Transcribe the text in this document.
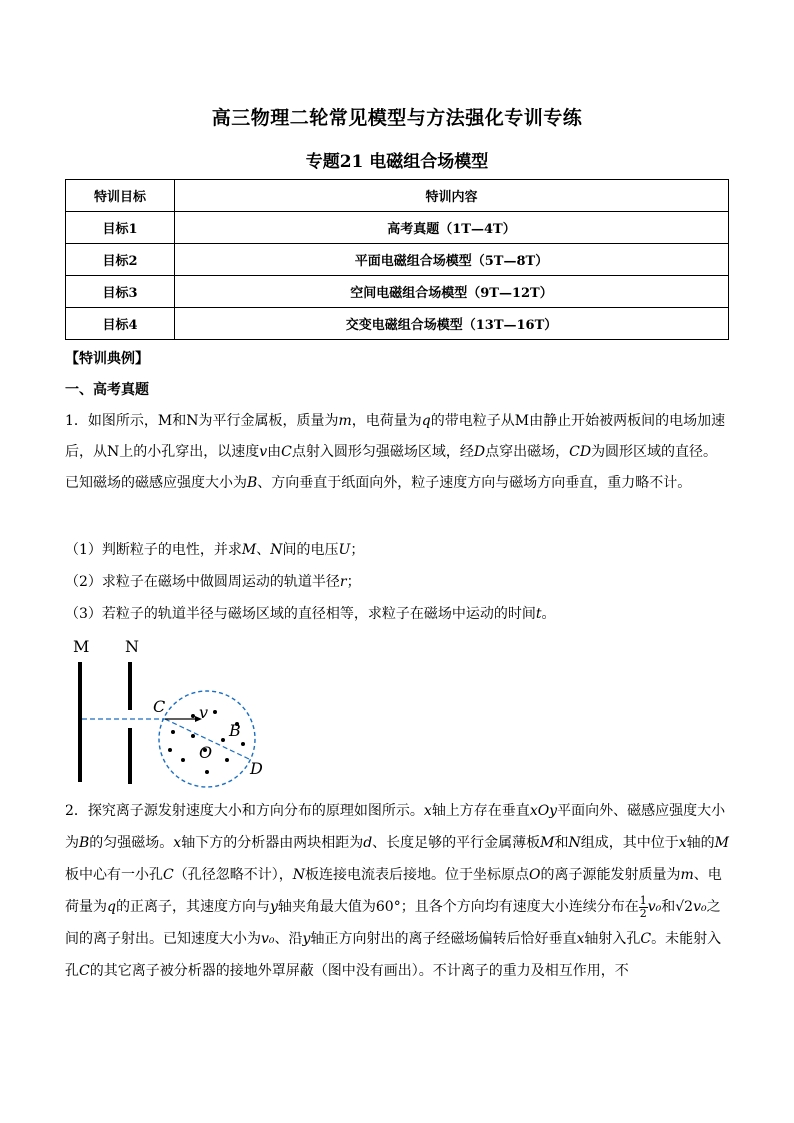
高三物理二轮常见模型与方法强化专训专练
专题21 电磁组合场模型
特训目标	特训内容
目标1	高考真题（1T—4T）
目标2	平面电磁组合场模型（5T—8T）
目标3	空间电磁组合场模型（9T—12T）
目标4	交变电磁组合场模型（13T—16T）
【特训典例】
一、高考真题
1．如图所示，M和N为平行金属板，质量为m，电荷量为q的带电粒子从M由静止开始被两板间的电场加速后，从N上的小孔穿出，以速度v由C点射入圆形匀强磁场区域，经D点穿出磁场，CD为圆形区域的直径。已知磁场的磁感应强度大小为B、方向垂直于纸面向外，粒子速度方向与磁场方向垂直，重力略不计。
（1）判断粒子的电性，并求M、N间的电压U；
（2）求粒子在磁场中做圆周运动的轨道半径r；
（3）若粒子的轨道半径与磁场区域的直径相等，求粒子在磁场中运动的时间t。
M N
C v
B
O
D
2．探究离子源发射速度大小和方向分布的原理如图所示。x轴上方存在垂直xOy平面向外、磁感应强度大小为B的匀强磁场。x轴下方的分析器由两块相距为d、长度足够的平行金属薄板M和N组成，其中位于x轴的M板中心有一小孔C（孔径忽略不计），N板连接电流表后接地。位于坐标原点O的离子源能发射质量为m、电荷量为q的正离子，其速度方向与y轴夹角最大值为60°；且各个方向均有速度大小连续分布在 $\frac{1}{2} v_0$和√2v₀之间的离子射出。已知速度大小为v₀、沿y轴正方向射出的离子经磁场偏转后恰好垂直x轴射入孔C。未能射入孔C的其它离子被分析器的接地外罩屏蔽（图中没有画出）。不计离子的重力及相互作用，不
